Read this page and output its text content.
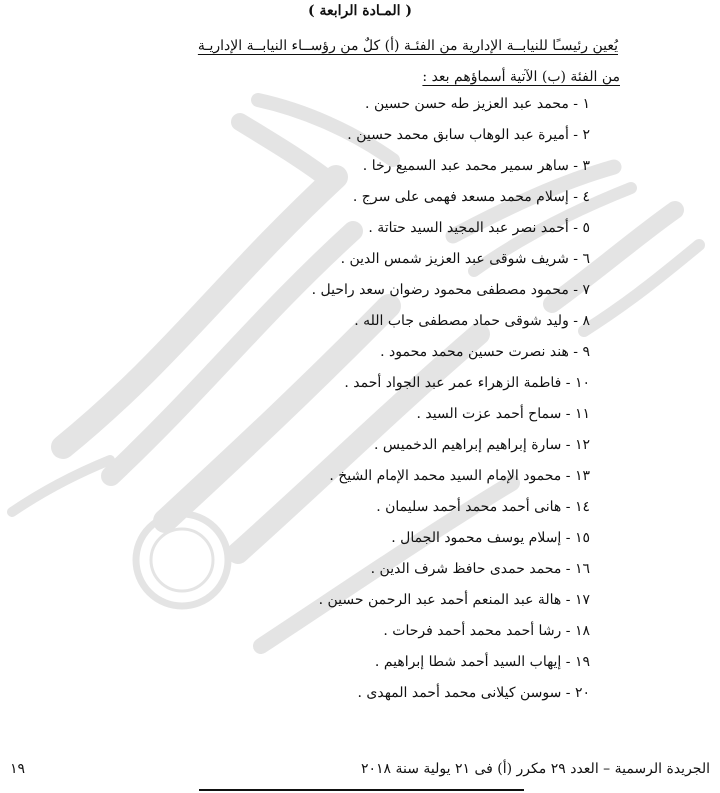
( المـادة الرابعة )
يُعين رئيسـًا للنيابــة الإدارية من الفئـة (أ) كلٌ من رؤســاء النيابــة الإداريـة
من الفئة (ب) الآتية أسماؤهم بعد :
١ - محمد عبد العزيز طه حسن حسين .
٢ - أميرة عبد الوهاب سابق محمد حسين .
٣ - ساهر سمير محمد عبد السميع رخا .
٤ - إسلام محمد مسعد فهمى على سرج .
٥ - أحمد نصر عبد المجيد السيد حتاتة .
٦ - شريف شوقى عبد العزيز شمس الدين .
٧ - محمود مصطفى محمود رضوان سعد راحيل .
٨ - وليد شوقى حماد مصطفى جاب الله .
٩ - هند نصرت حسين محمد محمود .
١٠ - فاطمة الزهراء عمر عبد الجواد أحمد .
١١ - سماح أحمد عزت السيد .
١٢ - سارة إبراهيم إبراهيم الدخميس .
١٣ - محمود الإمام السيد محمد الإمام الشيخ .
١٤ - هانى أحمد محمد أحمد سليمان .
١٥ - إسلام يوسف محمود الجمال .
١٦ - محمد حمدى حافظ شرف الدين .
١٧ - هالة عبد المنعم أحمد عبد الرحمن حسين .
١٨ - رشا أحمد محمد أحمد فرحات .
١٩ - إيهاب السيد أحمد شطا إبراهيم .
٢٠ - سوسن كيلانى محمد أحمد المهدى .
الجريدة الرسمية – العدد ٢٩ مكرر (أ) فى ٢١ يولية سنة ٢٠١٨
١٩
